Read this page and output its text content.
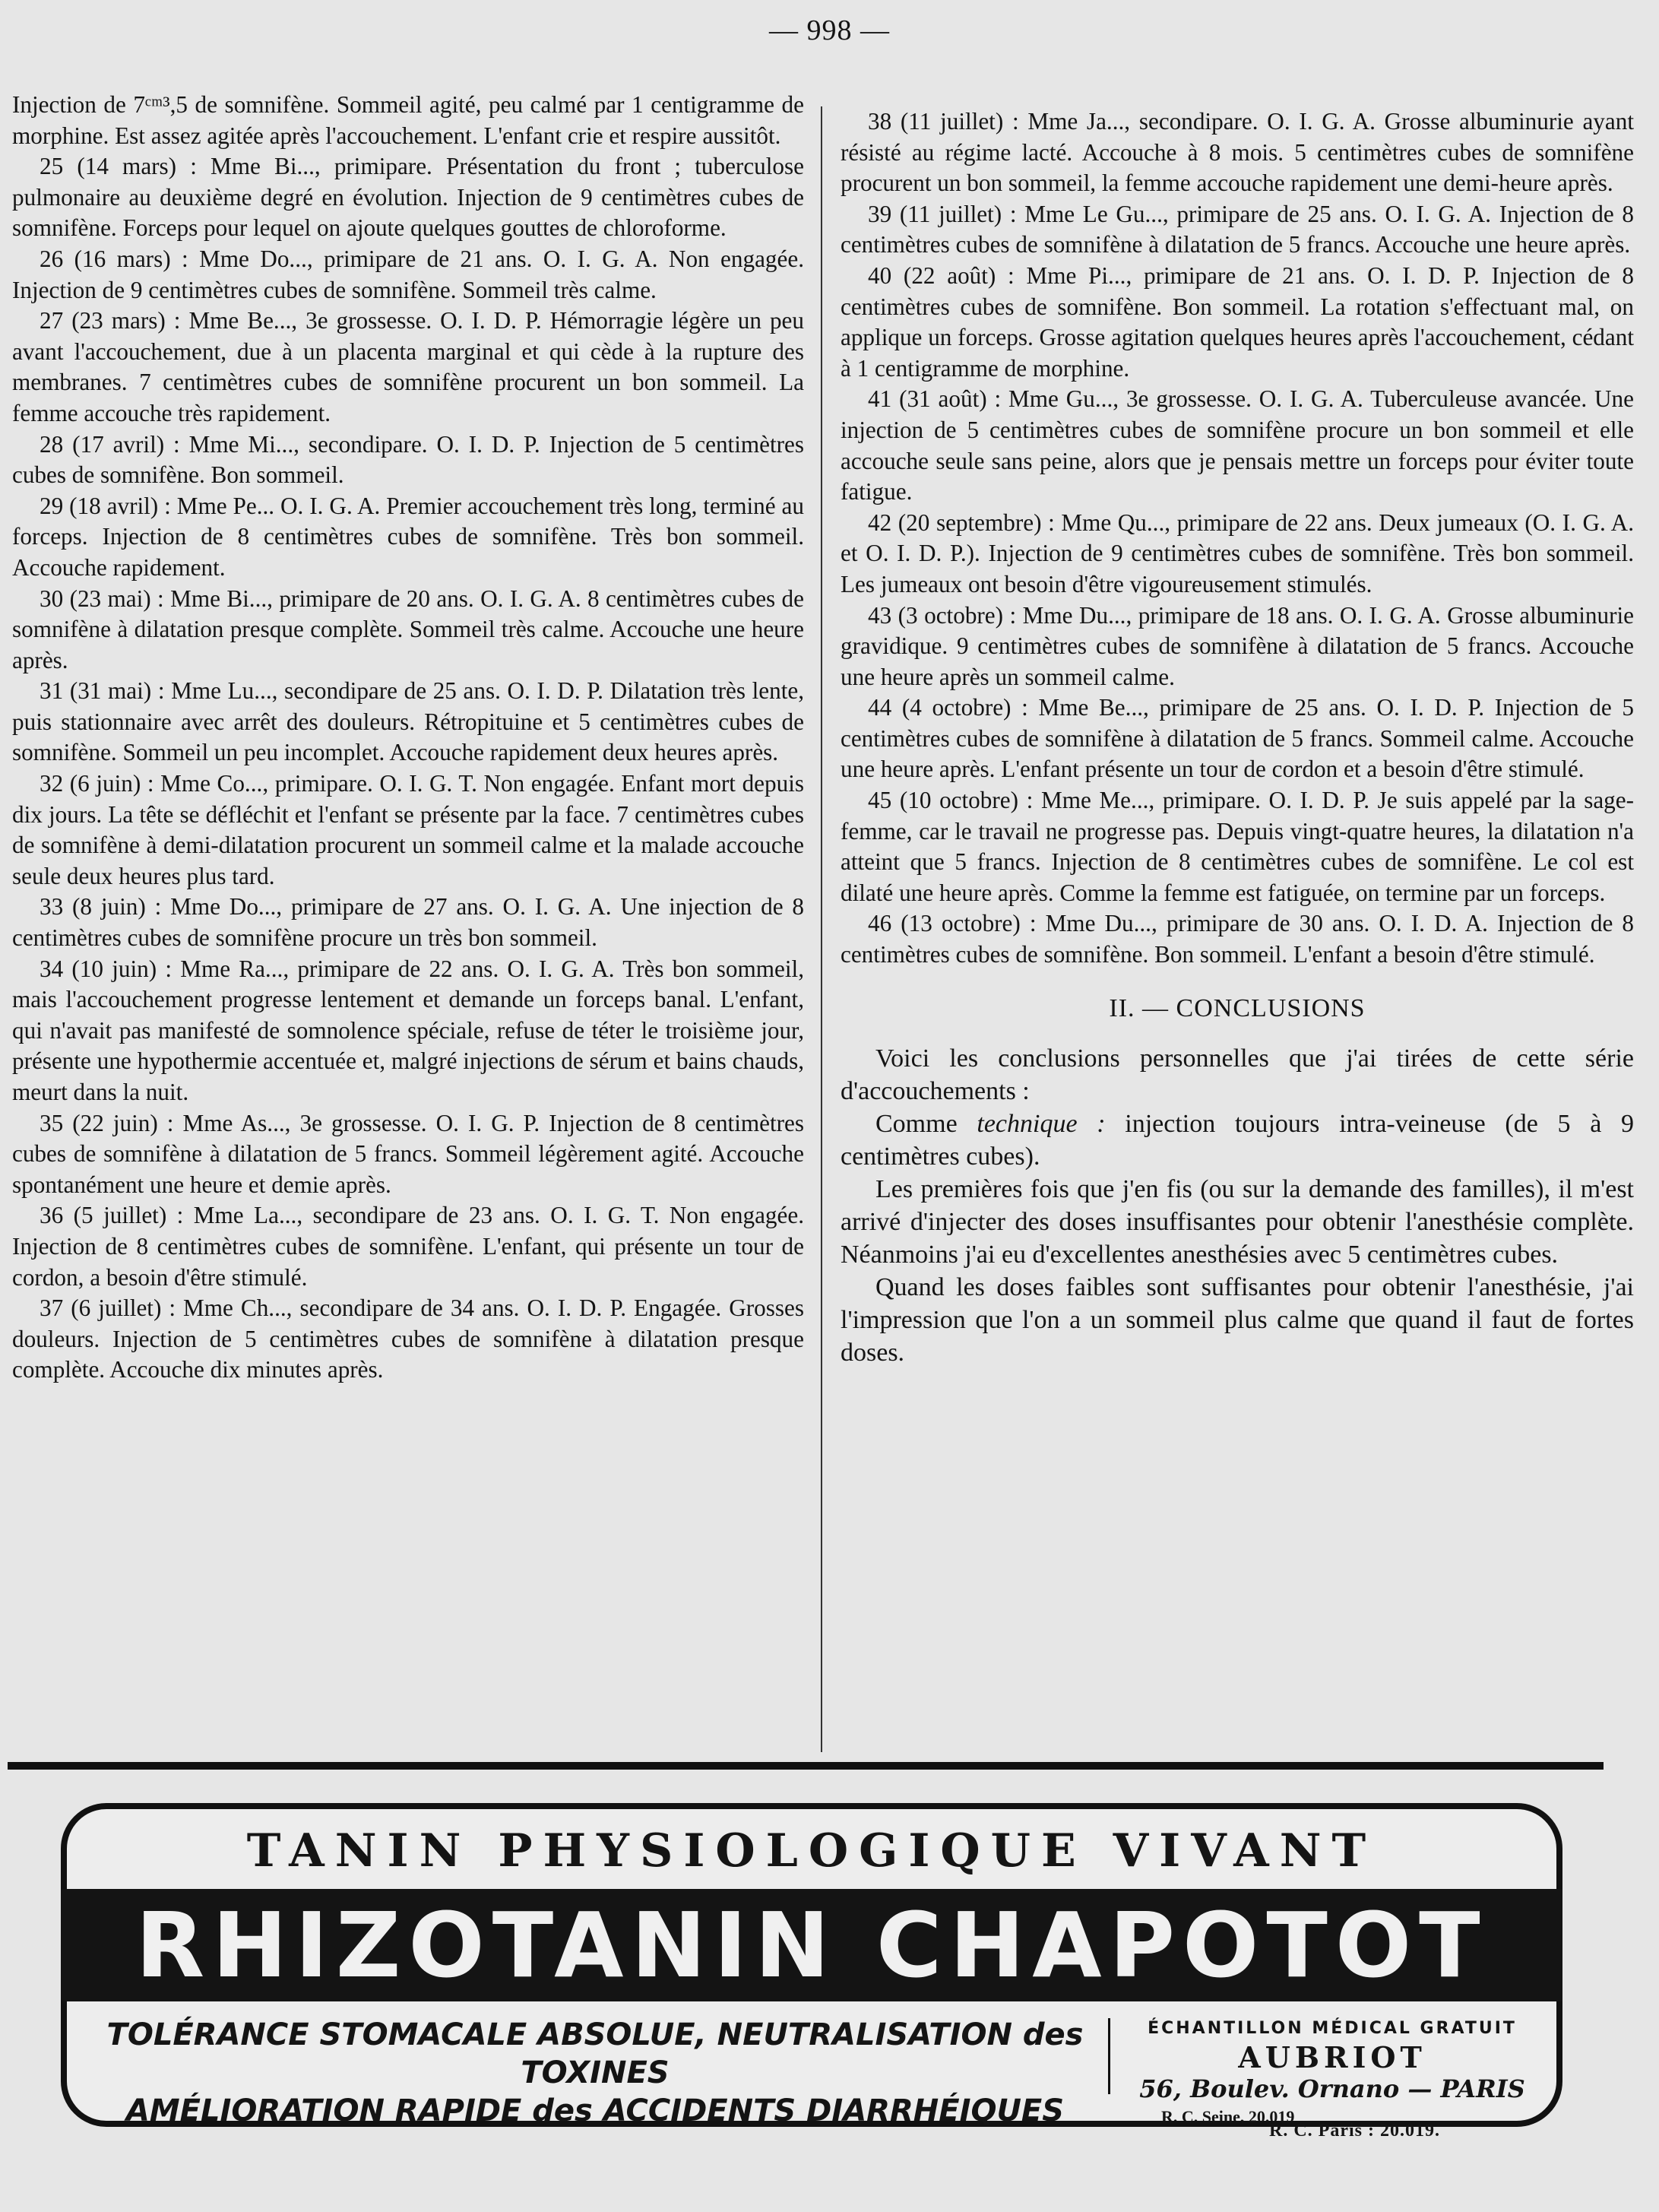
— 998 —

Injection de 7ᶜᵐ³,5 de somnifène. Sommeil agité, peu calmé par 1 centigramme de morphine. Est assez agitée après l'accouchement. L'enfant crie et respire aussitôt.

25 (14 mars) : Mme Bi..., primipare. Présentation du front ; tuberculose pulmonaire au deuxième degré en évolution. Injection de 9 centimètres cubes de somnifène. Forceps pour lequel on ajoute quelques gouttes de chloroforme.

26 (16 mars) : Mme Do..., primipare de 21 ans. O. I. G. A. Non engagée. Injection de 9 centimètres cubes de somnifène. Sommeil très calme.

27 (23 mars) : Mme Be..., 3e grossesse. O. I. D. P. Hémorragie légère un peu avant l'accouchement, due à un placenta marginal et qui cède à la rupture des membranes. 7 centimètres cubes de somnifène procurent un bon sommeil. La femme accouche très rapidement.

28 (17 avril) : Mme Mi..., secondipare. O. I. D. P. Injection de 5 centimètres cubes de somnifène. Bon sommeil.

29 (18 avril) : Mme Pe... O. I. G. A. Premier accouchement très long, terminé au forceps. Injection de 8 centimètres cubes de somnifène. Très bon sommeil. Accouche rapidement.

30 (23 mai) : Mme Bi..., primipare de 20 ans. O. I. G. A. 8 centimètres cubes de somnifène à dilatation presque complète. Sommeil très calme. Accouche une heure après.

31 (31 mai) : Mme Lu..., secondipare de 25 ans. O. I. D. P. Dilatation très lente, puis stationnaire avec arrêt des douleurs. Rétropituine et 5 centimètres cubes de somnifène. Sommeil un peu incomplet. Accouche rapidement deux heures après.

32 (6 juin) : Mme Co..., primipare. O. I. G. T. Non engagée. Enfant mort depuis dix jours. La tête se défléchit et l'enfant se présente par la face. 7 centimètres cubes de somnifène à demi-dilatation procurent un sommeil calme et la malade accouche seule deux heures plus tard.

33 (8 juin) : Mme Do..., primipare de 27 ans. O. I. G. A. Une injection de 8 centimètres cubes de somnifène procure un très bon sommeil.

34 (10 juin) : Mme Ra..., primipare de 22 ans. O. I. G. A. Très bon sommeil, mais l'accouchement progresse lentement et demande un forceps banal. L'enfant, qui n'avait pas manifesté de somnolence spéciale, refuse de téter le troisième jour, présente une hypothermie accentuée et, malgré injections de sérum et bains chauds, meurt dans la nuit.

35 (22 juin) : Mme As..., 3e grossesse. O. I. G. P. Injection de 8 centimètres cubes de somnifène à dilatation de 5 francs. Sommeil légèrement agité. Accouche spontanément une heure et demie après.

36 (5 juillet) : Mme La..., secondipare de 23 ans. O. I. G. T. Non engagée. Injection de 8 centimètres cubes de somnifène. L'enfant, qui présente un tour de cordon, a besoin d'être stimulé.

37 (6 juillet) : Mme Ch..., secondipare de 34 ans. O. I. D. P. Engagée. Grosses douleurs. Injection de 5 centimètres cubes de somnifène à dilatation presque complète. Accouche dix minutes après.

38 (11 juillet) : Mme Ja..., secondipare. O. I. G. A. Grosse albuminurie ayant résisté au régime lacté. Accouche à 8 mois. 5 centimètres cubes de somnifène procurent un bon sommeil, la femme accouche rapidement une demi-heure après.

39 (11 juillet) : Mme Le Gu..., primipare de 25 ans. O. I. G. A. Injection de 8 centimètres cubes de somnifène à dilatation de 5 francs. Accouche une heure après.

40 (22 août) : Mme Pi..., primipare de 21 ans. O. I. D. P. Injection de 8 centimètres cubes de somnifène. Bon sommeil. La rotation s'effectuant mal, on applique un forceps. Grosse agitation quelques heures après l'accouchement, cédant à 1 centigramme de morphine.

41 (31 août) : Mme Gu..., 3e grossesse. O. I. G. A. Tuberculeuse avancée. Une injection de 5 centimètres cubes de somnifène procure un bon sommeil et elle accouche seule sans peine, alors que je pensais mettre un forceps pour éviter toute fatigue.

42 (20 septembre) : Mme Qu..., primipare de 22 ans. Deux jumeaux (O. I. G. A. et O. I. D. P.). Injection de 9 centimètres cubes de somnifène. Très bon sommeil. Les jumeaux ont besoin d'être vigoureusement stimulés.

43 (3 octobre) : Mme Du..., primipare de 18 ans. O. I. G. A. Grosse albuminurie gravidique. 9 centimètres cubes de somnifène à dilatation de 5 francs. Accouche une heure après un sommeil calme.

44 (4 octobre) : Mme Be..., primipare de 25 ans. O. I. D. P. Injection de 5 centimètres cubes de somnifène à dilatation de 5 francs. Sommeil calme. Accouche une heure après. L'enfant présente un tour de cordon et a besoin d'être stimulé.

45 (10 octobre) : Mme Me..., primipare. O. I. D. P. Je suis appelé par la sage-femme, car le travail ne progresse pas. Depuis vingt-quatre heures, la dilatation n'a atteint que 5 francs. Injection de 8 centimètres cubes de somnifène. Le col est dilaté une heure après. Comme la femme est fatiguée, on termine par un forceps.

46 (13 octobre) : Mme Du..., primipare de 30 ans. O. I. D. A. Injection de 8 centimètres cubes de somnifène. Bon sommeil. L'enfant a besoin d'être stimulé.

II. — CONCLUSIONS

Voici les conclusions personnelles que j'ai tirées de cette série d'accouchements :

Comme technique : injection toujours intra-veineuse (de 5 à 9 centimètres cubes).

Les premières fois que j'en fis (ou sur la demande des familles), il m'est arrivé d'injecter des doses insuffisantes pour obtenir l'anesthésie complète. Néanmoins j'ai eu d'excellentes anesthésies avec 5 centimètres cubes.

Quand les doses faibles sont suffisantes pour obtenir l'anesthésie, j'ai l'impression que l'on a un sommeil plus calme que quand il faut de fortes doses.

TANIN PHYSIOLOGIQUE VIVANT
RHIZOTANIN CHAPOTOT
TOLÉRANCE STOMACALE ABSOLUE, NEUTRALISATION des TOXINES
AMÉLIORATION RAPIDE des ACCIDENTS DIARRHÉIQUES
ÉCHANTILLON MÉDICAL GRATUIT
AUBRIOT
56, Boulev. Ornano — PARIS
R. C. Seine, 20.019
R. C. Paris : 20.019.
